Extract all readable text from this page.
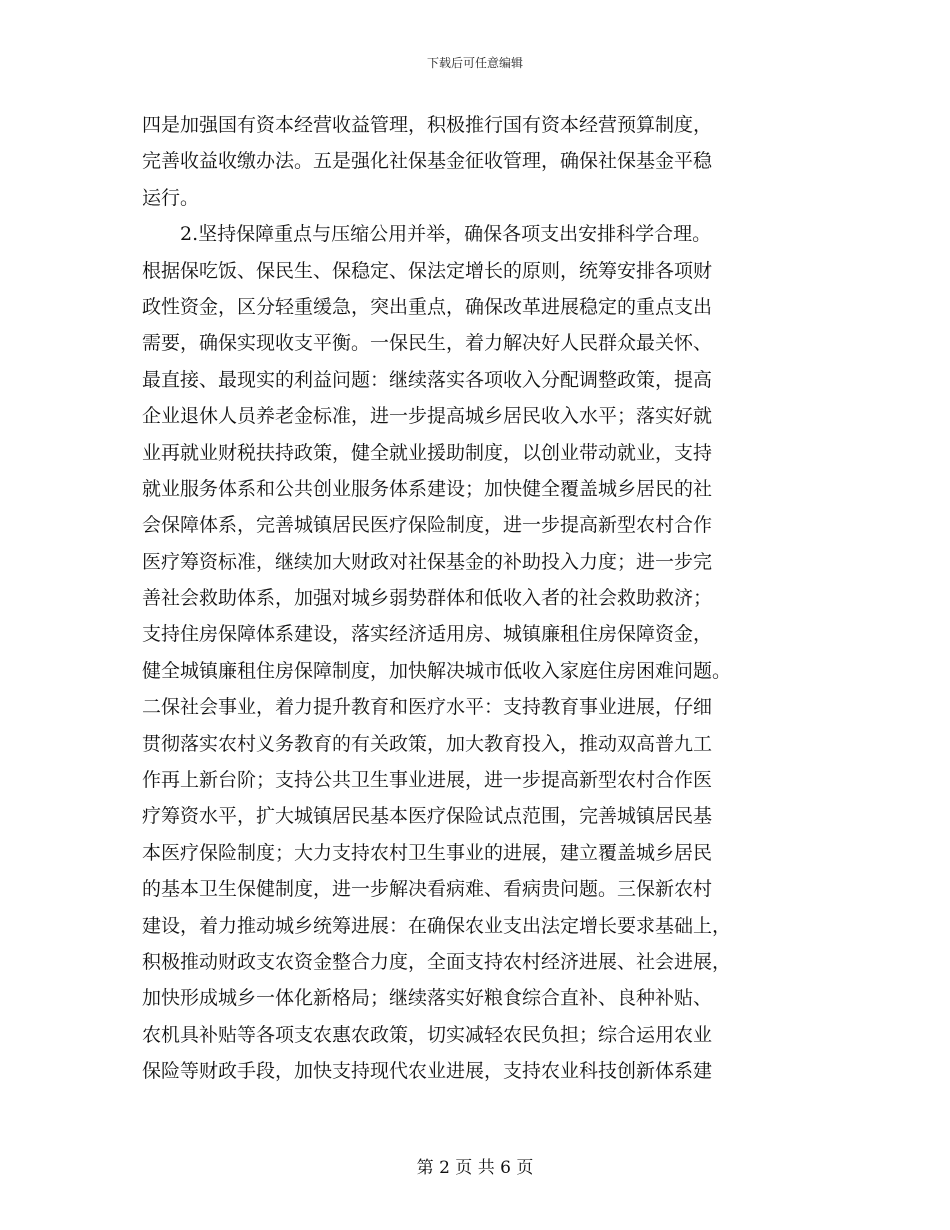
下载后可任意编辑
四是加强国有资本经营收益管理，积极推行国有资本经营预算制度，
完善收益收缴办法。五是强化社保基金征收管理，确保社保基金平稳
运行。
　　2.坚持保障重点与压缩公用并举，确保各项支出安排科学合理。
根据保吃饭、保民生、保稳定、保法定增长的原则，统筹安排各项财
政性资金，区分轻重缓急，突出重点，确保改革进展稳定的重点支出
需要，确保实现收支平衡。一保民生，着力解决好人民群众最关怀、
最直接、最现实的利益问题：继续落实各项收入分配调整政策，提高
企业退休人员养老金标准，进一步提高城乡居民收入水平；落实好就
业再就业财税扶持政策，健全就业援助制度，以创业带动就业，支持
就业服务体系和公共创业服务体系建设；加快健全覆盖城乡居民的社
会保障体系，完善城镇居民医疗保险制度，进一步提高新型农村合作
医疗筹资标准，继续加大财政对社保基金的补助投入力度；进一步完
善社会救助体系，加强对城乡弱势群体和低收入者的社会救助救济；
支持住房保障体系建设，落实经济适用房、城镇廉租住房保障资金，
健全城镇廉租住房保障制度，加快解决城市低收入家庭住房困难问题。
二保社会事业，着力提升教育和医疗水平：支持教育事业进展，仔细
贯彻落实农村义务教育的有关政策，加大教育投入，推动双高普九工
作再上新台阶；支持公共卫生事业进展，进一步提高新型农村合作医
疗筹资水平，扩大城镇居民基本医疗保险试点范围，完善城镇居民基
本医疗保险制度；大力支持农村卫生事业的进展，建立覆盖城乡居民
的基本卫生保健制度，进一步解决看病难、看病贵问题。三保新农村
建设，着力推动城乡统筹进展：在确保农业支出法定增长要求基础上，
积极推动财政支农资金整合力度，全面支持农村经济进展、社会进展，
加快形成城乡一体化新格局；继续落实好粮食综合直补、良种补贴、
农机具补贴等各项支农惠农政策，切实减轻农民负担；综合运用农业
保险等财政手段，加快支持现代农业进展，支持农业科技创新体系建
第 2 页 共 6 页
